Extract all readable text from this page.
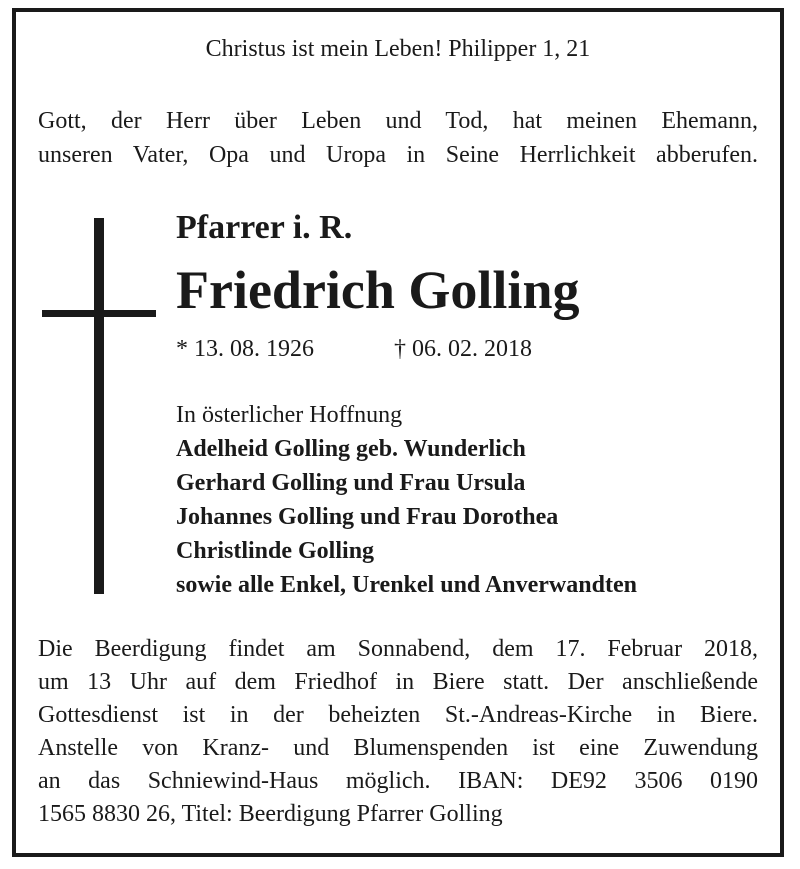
Christus ist mein Leben! Philipper 1, 21
Gott, der Herr über Leben und Tod, hat meinen Ehemann,
unseren Vater, Opa und Uropa in Seine Herrlichkeit abberufen.
Pfarrer i. R.
Friedrich Golling
* 13. 08. 1926	† 06. 02. 2018
In österlicher Hoffnung
Adelheid Golling geb. Wunderlich
Gerhard Golling und Frau Ursula
Johannes Golling und Frau Dorothea
Christlinde Golling
sowie alle Enkel, Urenkel und Anverwandten
Die Beerdigung findet am Sonnabend, dem 17. Februar 2018,
um 13 Uhr auf dem Friedhof in Biere statt. Der anschließende
Gottesdienst ist in der beheizten St.-Andreas-Kirche in Biere.
Anstelle von Kranz- und Blumenspenden ist eine Zuwendung
an das Schniewind-Haus möglich. IBAN: DE92 3506 0190
1565 8830 26, Titel: Beerdigung Pfarrer Golling
